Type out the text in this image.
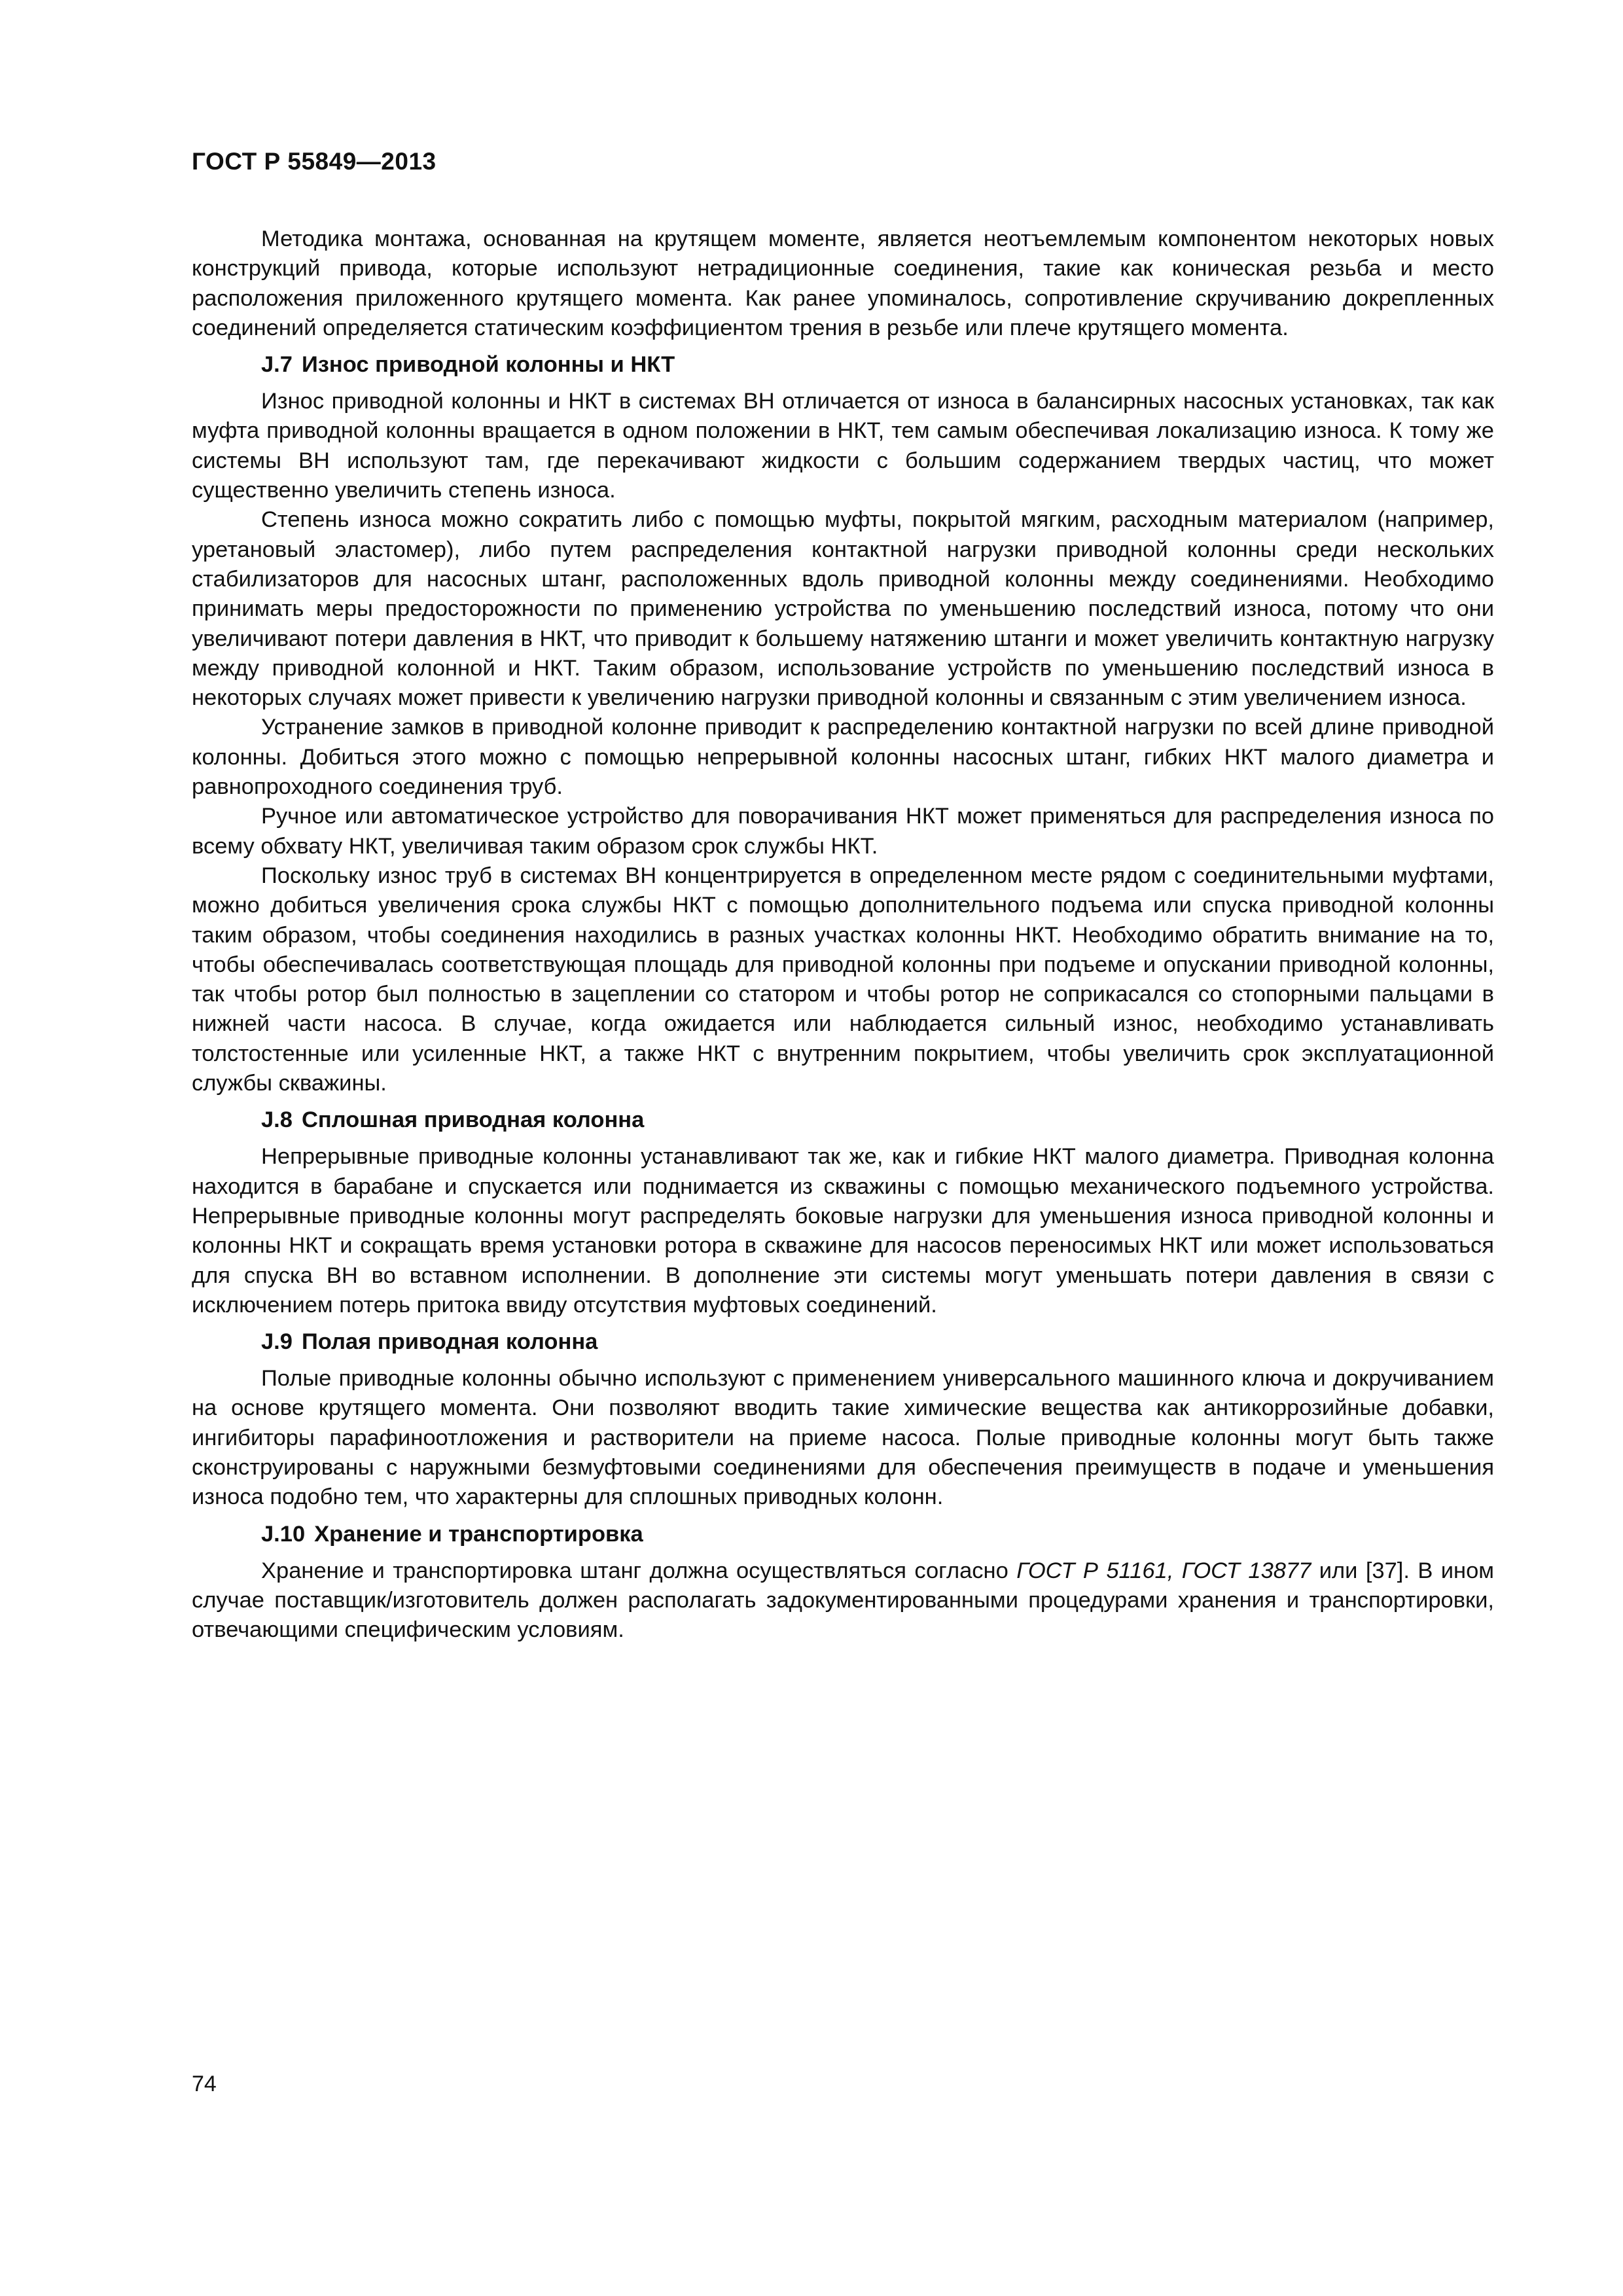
ГОСТ Р 55849—2013

Методика монтажа, основанная на крутящем моменте, является неотъемлемым компонентом некоторых новых конструкций привода, которые используют нетрадиционные соединения, такие как коническая резьба и место расположения приложенного крутящего момента. Как ранее упоминалось, сопротивление скручиванию докрепленных соединений определяется статическим коэффициентом трения в резьбе или плече крутящего момента.

J.7 Износ приводной колонны и НКТ

Износ приводной колонны и НКТ в системах ВН отличается от износа в балансирных насосных установках, так как муфта приводной колонны вращается в одном положении в НКТ, тем самым обеспечивая локализацию износа. К тому же системы ВН используют там, где перекачивают жидкости с большим содержанием твердых частиц, что может существенно увеличить степень износа.

Степень износа можно сократить либо с помощью муфты, покрытой мягким, расходным материалом (например, уретановый эластомер), либо путем распределения контактной нагрузки приводной колонны среди нескольких стабилизаторов для насосных штанг, расположенных вдоль приводной колонны между соединениями. Необходимо принимать меры предосторожности по применению устройства по уменьшению последствий износа, потому что они увеличивают потери давления в НКТ, что приводит к большему натяжению штанги и может увеличить контактную нагрузку между приводной колонной и НКТ. Таким образом, использование устройств по уменьшению последствий износа в некоторых случаях может привести к увеличению нагрузки приводной колонны и связанным с этим увеличением износа.

Устранение замков в приводной колонне приводит к распределению контактной нагрузки по всей длине приводной колонны. Добиться этого можно с помощью непрерывной колонны насосных штанг, гибких НКТ малого диаметра и равнопроходного соединения труб.

Ручное или автоматическое устройство для поворачивания НКТ может применяться для распределения износа по всему обхвату НКТ, увеличивая таким образом срок службы НКТ.

Поскольку износ труб в системах ВН концентрируется в определенном месте рядом с соединительными муфтами, можно добиться увеличения срока службы НКТ с помощью дополнительного подъема или спуска приводной колонны таким образом, чтобы соединения находились в разных участках колонны НКТ. Необходимо обратить внимание на то, чтобы обеспечивалась соответствующая площадь для приводной колонны при подъеме и опускании приводной колонны, так чтобы ротор был полностью в зацеплении со статором и чтобы ротор не соприкасался со стопорными пальцами в нижней части насоса. В случае, когда ожидается или наблюдается сильный износ, необходимо устанавливать толстостенные или усиленные НКТ, а также НКТ с внутренним покрытием, чтобы увеличить срок эксплуатационной службы скважины.

J.8 Сплошная приводная колонна

Непрерывные приводные колонны устанавливают так же, как и гибкие НКТ малого диаметра. Приводная колонна находится в барабане и спускается или поднимается из скважины с помощью механического подъемного устройства. Непрерывные приводные колонны могут распределять боковые нагрузки для уменьшения износа приводной колонны и колонны НКТ и сокращать время установки ротора в скважине для насосов переносимых НКТ или может использоваться для спуска ВН во вставном исполнении. В дополнение эти системы могут уменьшать потери давления в связи с исключением потерь притока ввиду отсутствия муфтовых соединений.

J.9 Полая приводная колонна

Полые приводные колонны обычно используют с применением универсального машинного ключа и докручиванием на основе крутящего момента. Они позволяют вводить такие химические вещества как антикоррозийные добавки, ингибиторы парафиноотложения и растворители на приеме насоса. Полые приводные колонны могут быть также сконструированы с наружными безмуфтовыми соединениями для обеспечения преимуществ в подаче и уменьшения износа подобно тем, что характерны для сплошных приводных колонн.

J.10 Хранение и транспортировка

Хранение и транспортировка штанг должна осуществляться согласно ГОСТ Р 51161, ГОСТ 13877 или [37]. В ином случае поставщик/изготовитель должен располагать задокументированными процедурами хранения и транспортировки, отвечающими специфическим условиям.

74
